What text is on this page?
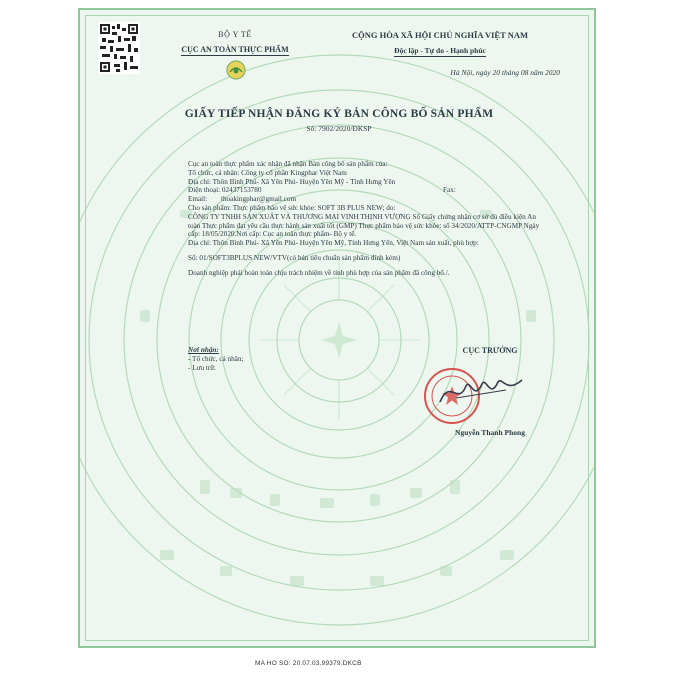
BỘ Y TẾ
CỤC AN TOÀN THỰC PHẨM
CỘNG HÒA XÃ HỘI CHỦ NGHĨA VIỆT NAM
Độc lập - Tự do - Hạnh phúc
Hà Nội, ngày 20 tháng 08 năm 2020
GIẤY TIẾP NHẬN ĐĂNG KÝ BẢN CÔNG BỐ SẢN PHẨM
Số: 7902/2020/ĐKSP
Cục an toàn thực phẩm xác nhận đã nhận Bản công bố sản phẩm của:
Tổ chức, cá nhân: Công ty cổ phần Kingphar Việt Nam
Địa chỉ: Thôn Bình Phú- Xã Yên Phú- Huyện Yên Mỹ - Tỉnh Hưng Yên
Điện thoại: 02437153780	Fax:
Email: thoakingphar@gmail.com
Cho sản phẩm: Thực phẩm bảo vệ sức khỏe: SOFT 3B PLUS NEW; do:
CÔNG TY TNHH SẢN XUẤT VÀ THƯƠNG MẠI VINH THỊNH VƯỢNG Số Giấy chứng nhận cơ sở đủ điều kiện An toàn Thực phẩm đạt yêu cầu thực hành sản xuất tốt (GMP) Thực phẩm bảo vệ sức khỏe: số 34/2020/ATTP-CNGMP Ngày cấp: 18/05/2020.Nơi cấp: Cục an toàn thực phẩm- Bộ y tế.
Địa chỉ: Thôn Bình Phú- Xã Yên Phú- Huyện Yên Mỹ, Tỉnh Hưng Yên, Việt Nam sản xuất, phù hợp:
Số: 01/SOFT3BPLUS NEW/VTV(có bản tiêu chuẩn sản phẩm đính kèm)
Doanh nghiệp phải hoàn toàn chịu trách nhiệm về tính phù hợp của sản phẩm đã công bố./.
Nơi nhận:
- Tổ chức, cá nhân;
- Lưu trữ.
CỤC TRƯỞNG
Nguyễn Thanh Phong
MA HO SO: 20.07.03.99379.DKCB
